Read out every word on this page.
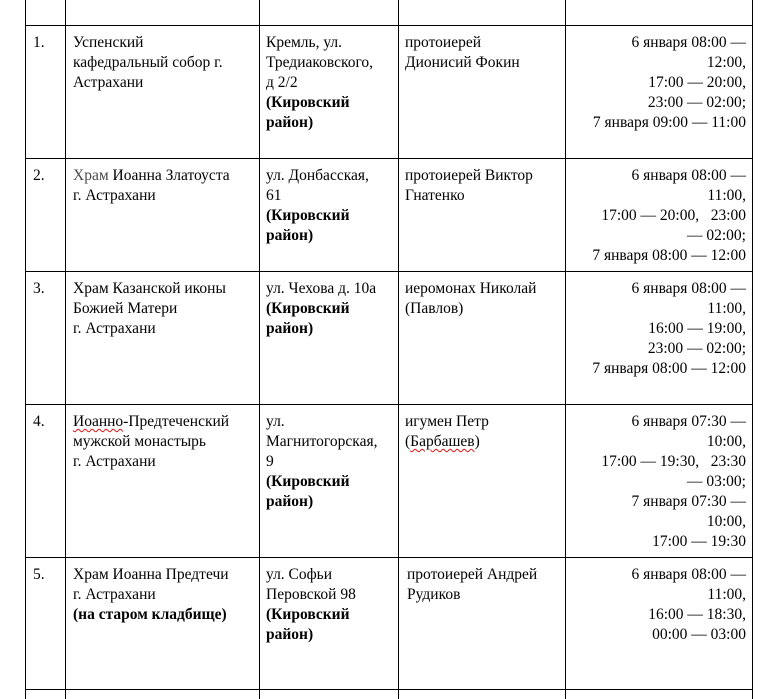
1. Успенский
кафедральный собор г.
Астрахани
Кремль, ул.
Тредиаковского,
д 2/2
(Кировский
район)
протоиерей
Дионисий Фокин
6 января 08:00 —
12:00,
17:00 — 20:00,
23:00 — 02:00;
7 января 09:00 — 11:00
2. Храм Иоанна Златоуста
г. Астрахани
ул. Донбасская,
61
(Кировский
район)
протоиерей Виктор
Гнатенко
6 января 08:00 —
11:00,
17:00 — 20:00,   23:00
— 02:00;
7 января 08:00 — 12:00
3. Храм Казанской иконы
Божией Матери
г. Астрахани
ул. Чехова д. 10а
(Кировский
район)
иеромонах Николай
(Павлов)
6 января 08:00 —
11:00,
16:00 — 19:00,
23:00 — 02:00;
7 января 08:00 — 12:00
4. Иоанно-Предтеченский
мужской монастырь
г. Астрахани
ул.
Магнитогорская,
9
(Кировский
район)
игумен Петр
(Барбашев)
6 января 07:30 —
10:00,
17:00 — 19:30,   23:30
— 03:00;
7 января 07:30 —
10:00,
17:00 — 19:30
5. Храм Иоанна Предтечи
г. Астрахани
(на старом кладбище)
ул. Софьи
Перовской 98
(Кировский
район)
протоиерей Андрей
Рудиков
6 января 08:00 —
11:00,
16:00 — 18:30,
00:00 — 03:00
